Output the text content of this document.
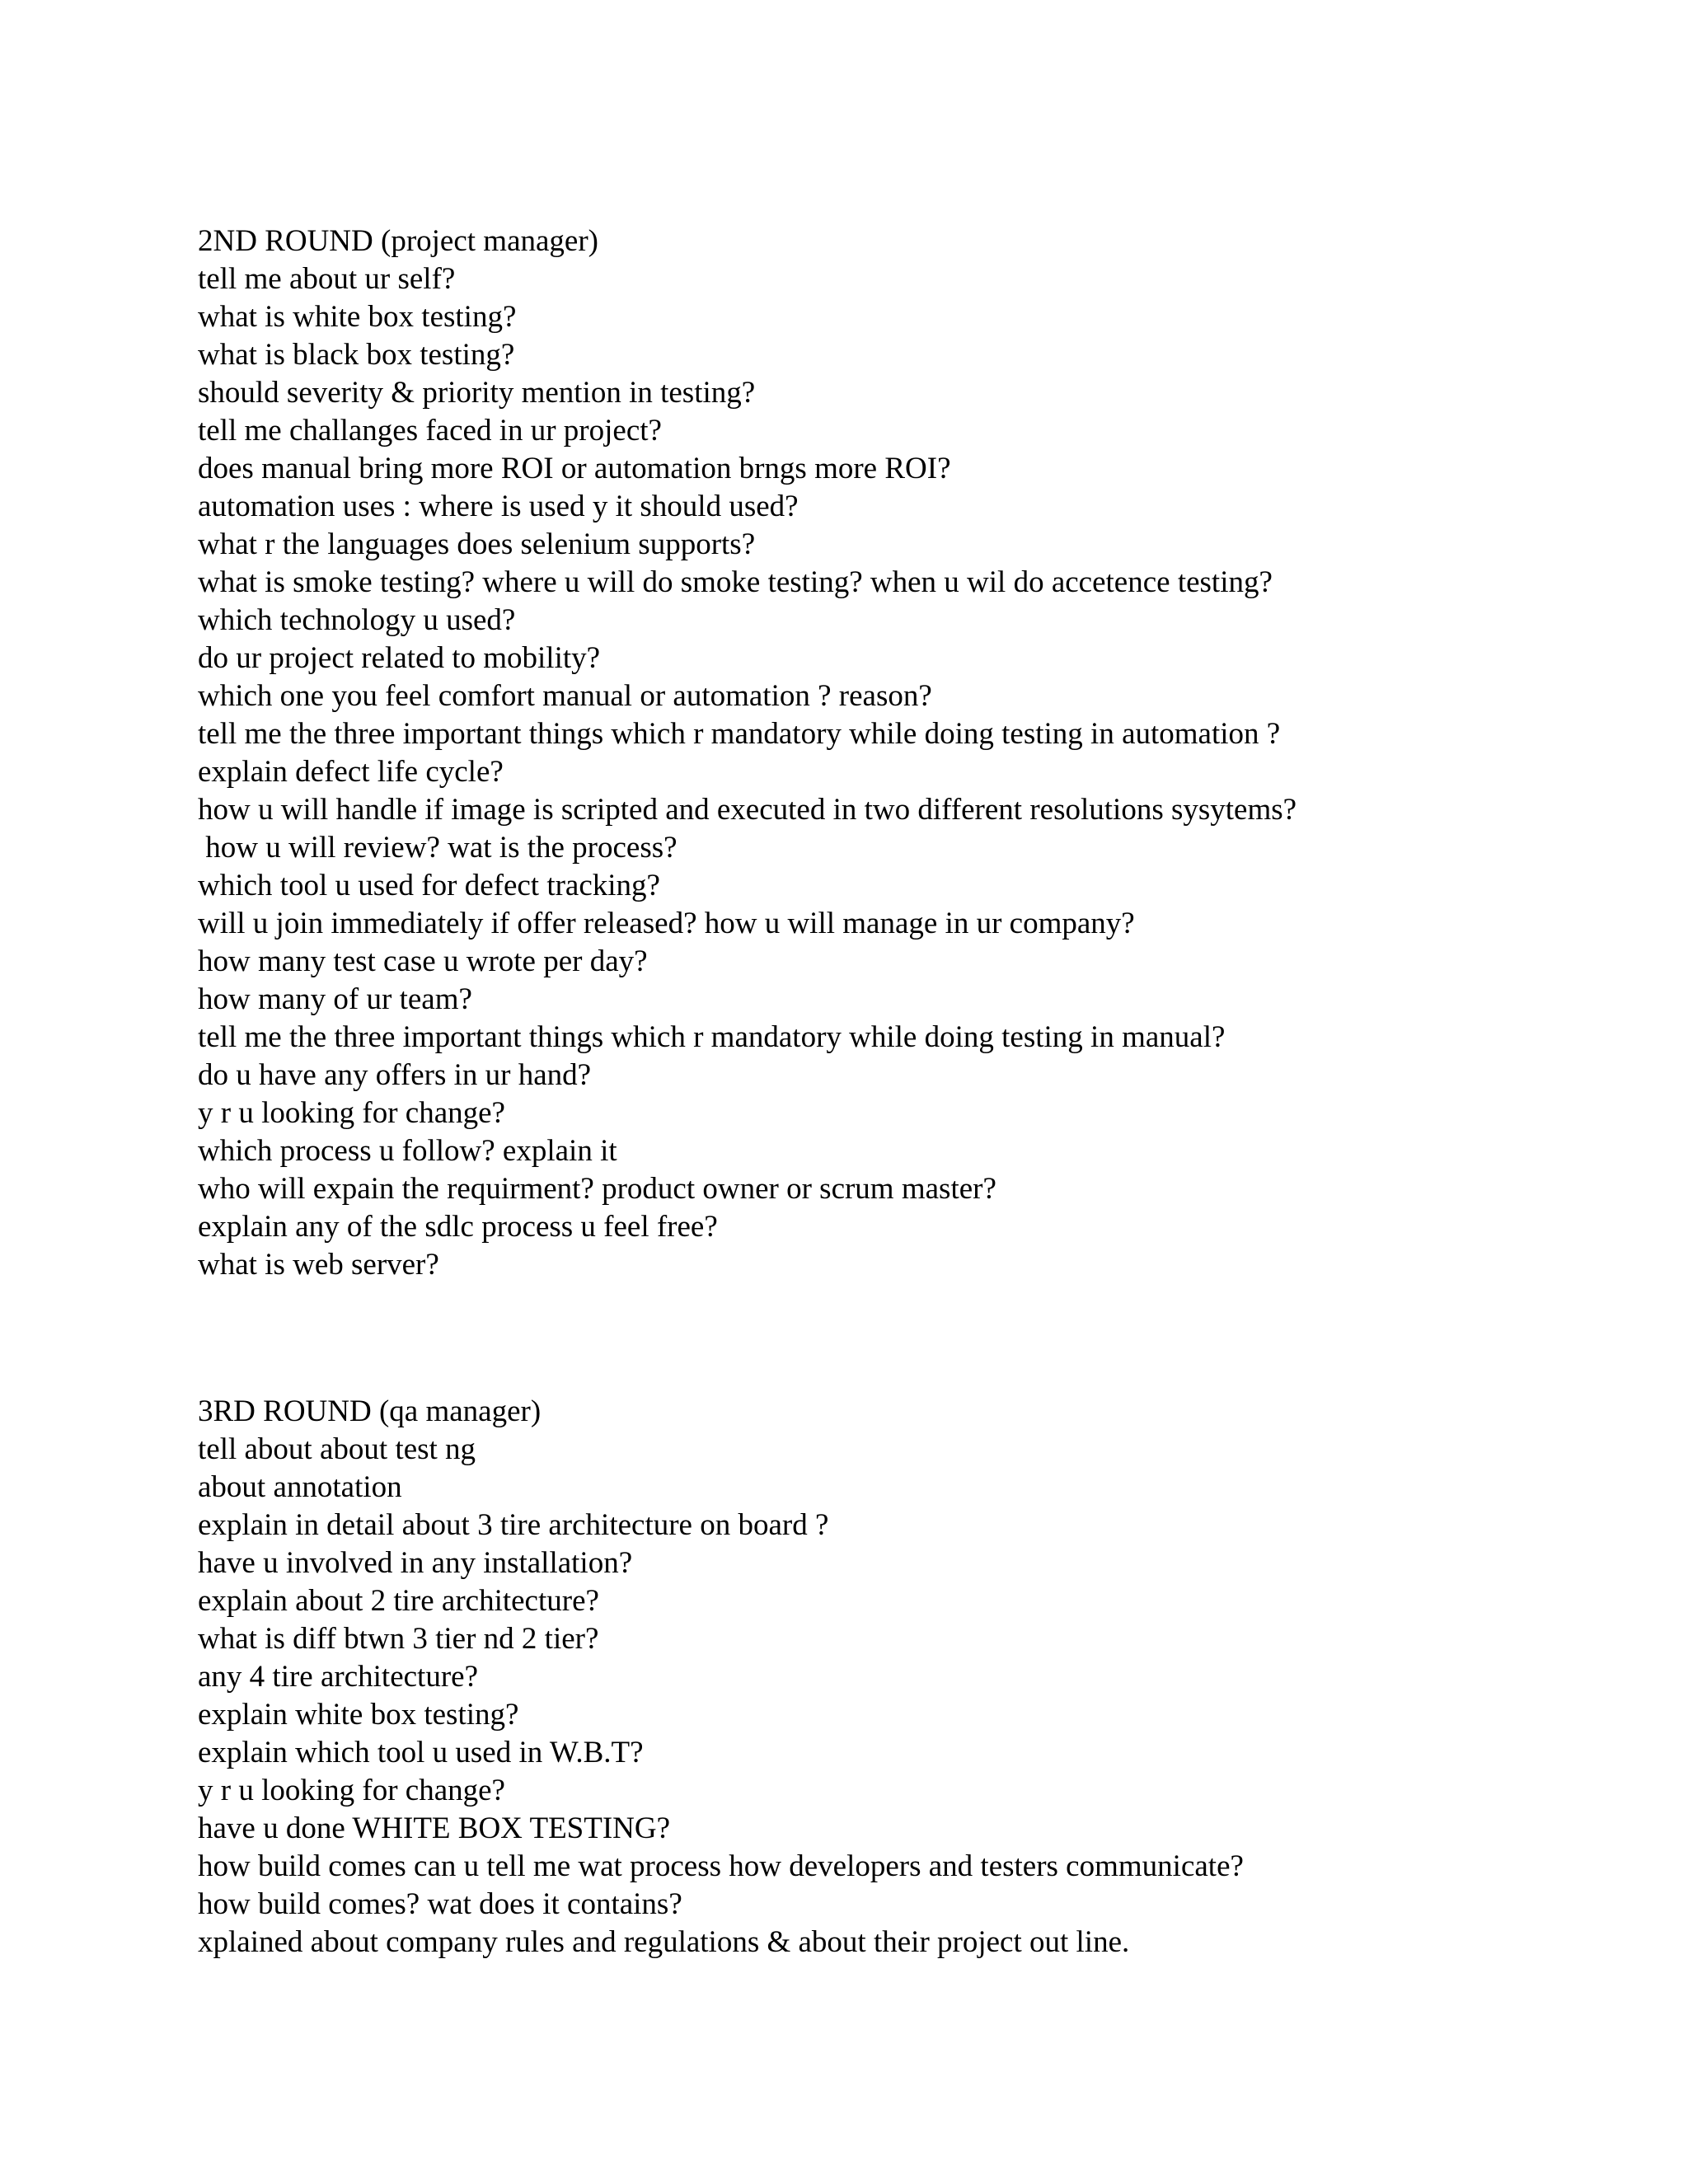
2ND ROUND (project manager)

tell me about ur self?

what is white box testing?

what is black box testing?

should severity & priority mention in testing?

tell me challanges faced in ur project?

does manual bring more ROI or automation brngs more ROI?

automation uses : where is used y it should used?

what r the languages does selenium supports?

what is smoke testing? where u will do smoke testing? when u wil do accetence testing?

which technology u used?

do ur project related to mobility?

which one you feel comfort manual or automation ? reason?

tell me the three important things which r mandatory while doing testing in automation ?

explain defect life cycle?

how u will handle if image is scripted and executed in two different resolutions sysytems?

how u will review? wat is the process?

which tool u used for defect tracking?

will u join immediately if offer released? how u will manage in ur company?

how many test case u wrote per day?

how many of ur team?

tell me the three important things which r mandatory while doing testing in manual?

do u have any offers in ur hand?

y r u looking for change?

which process u follow? explain it

who will expain the requirment? product owner or scrum master?

explain any of the sdlc process u feel free?

what is web server?

3RD ROUND (qa manager)

tell about about test ng

about annotation

explain in detail about 3 tire architecture on board ?

have u involved in any installation?

explain about 2 tire architecture?

what is diff btwn 3 tier nd 2 tier?

any 4 tire architecture?

explain white box testing?

explain which tool u used in W.B.T?

y r u looking for change?

have u done WHITE BOX TESTING?

how build comes can u tell me wat process how developers and testers communicate?

how build comes? wat does it contains?

xplained about company rules and regulations & about their project out line.
